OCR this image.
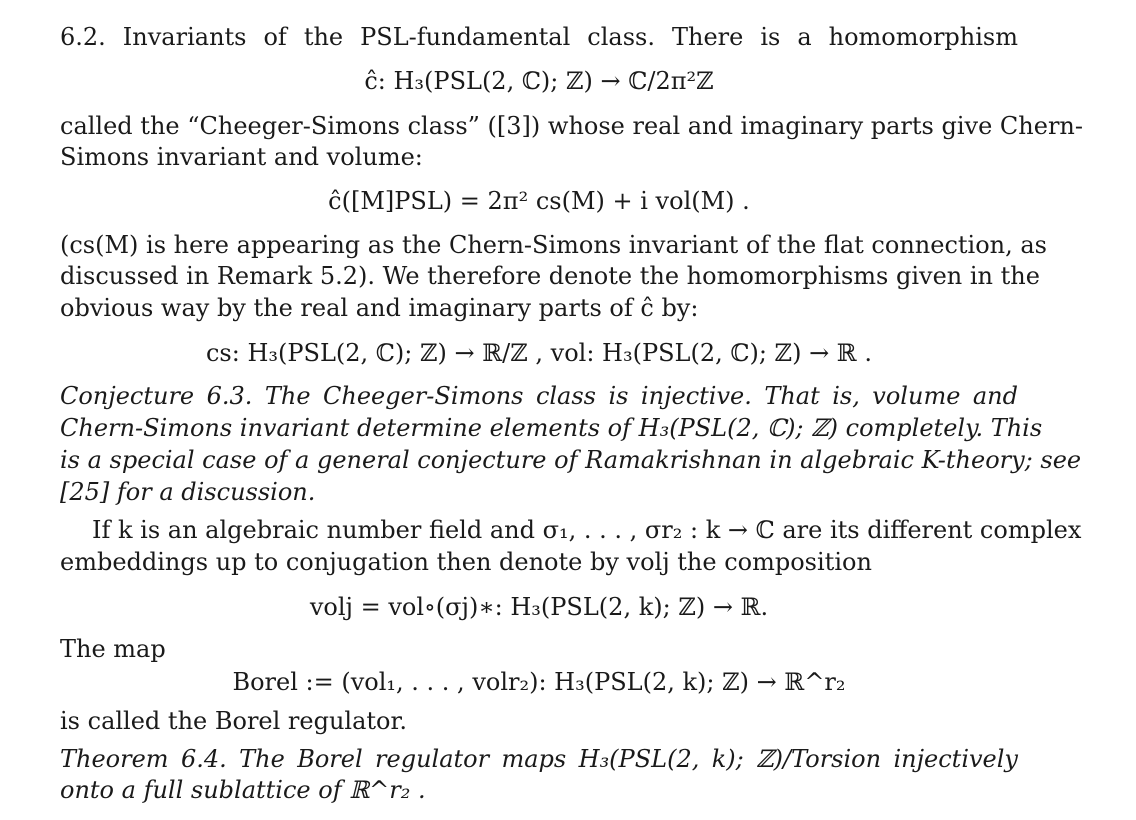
6.2. Invariants of the PSL-fundamental class. There is a homomorphism
ĉ: H₃(PSL(2, ℂ); ℤ) → ℂ/2π²ℤ
called the “Cheeger-Simons class” ([3]) whose real and imaginary parts give Chern-
Simons invariant and volume:
ĉ([M]PSL) = 2π² cs(M) + i vol(M) .
(cs(M) is here appearing as the Chern-Simons invariant of the flat connection, as
discussed in Remark 5.2). We therefore denote the homomorphisms given in the
obvious way by the real and imaginary parts of ĉ by:
cs: H₃(PSL(2, ℂ); ℤ) → ℝ/ℤ , vol: H₃(PSL(2, ℂ); ℤ) → ℝ .
Conjecture 6.3. The Cheeger-Simons class is injective. That is, volume and
Chern-Simons invariant determine elements of H₃(PSL(2, ℂ); ℤ) completely. This
is a special case of a general conjecture of Ramakrishnan in algebraic K-theory; see
[25] for a discussion.
If k is an algebraic number field and σ₁, . . . , σr₂ : k → ℂ are its different complex
embeddings up to conjugation then denote by volj the composition
volj = vol∘(σj)∗: H₃(PSL(2, k); ℤ) → ℝ.
The map
Borel := (vol₁, . . . , volr₂): H₃(PSL(2, k); ℤ) → ℝ^r₂
is called the Borel regulator.
Theorem 6.4. The Borel regulator maps H₃(PSL(2, k); ℤ)/Torsion injectively
onto a full sublattice of ℝ^r₂ .
